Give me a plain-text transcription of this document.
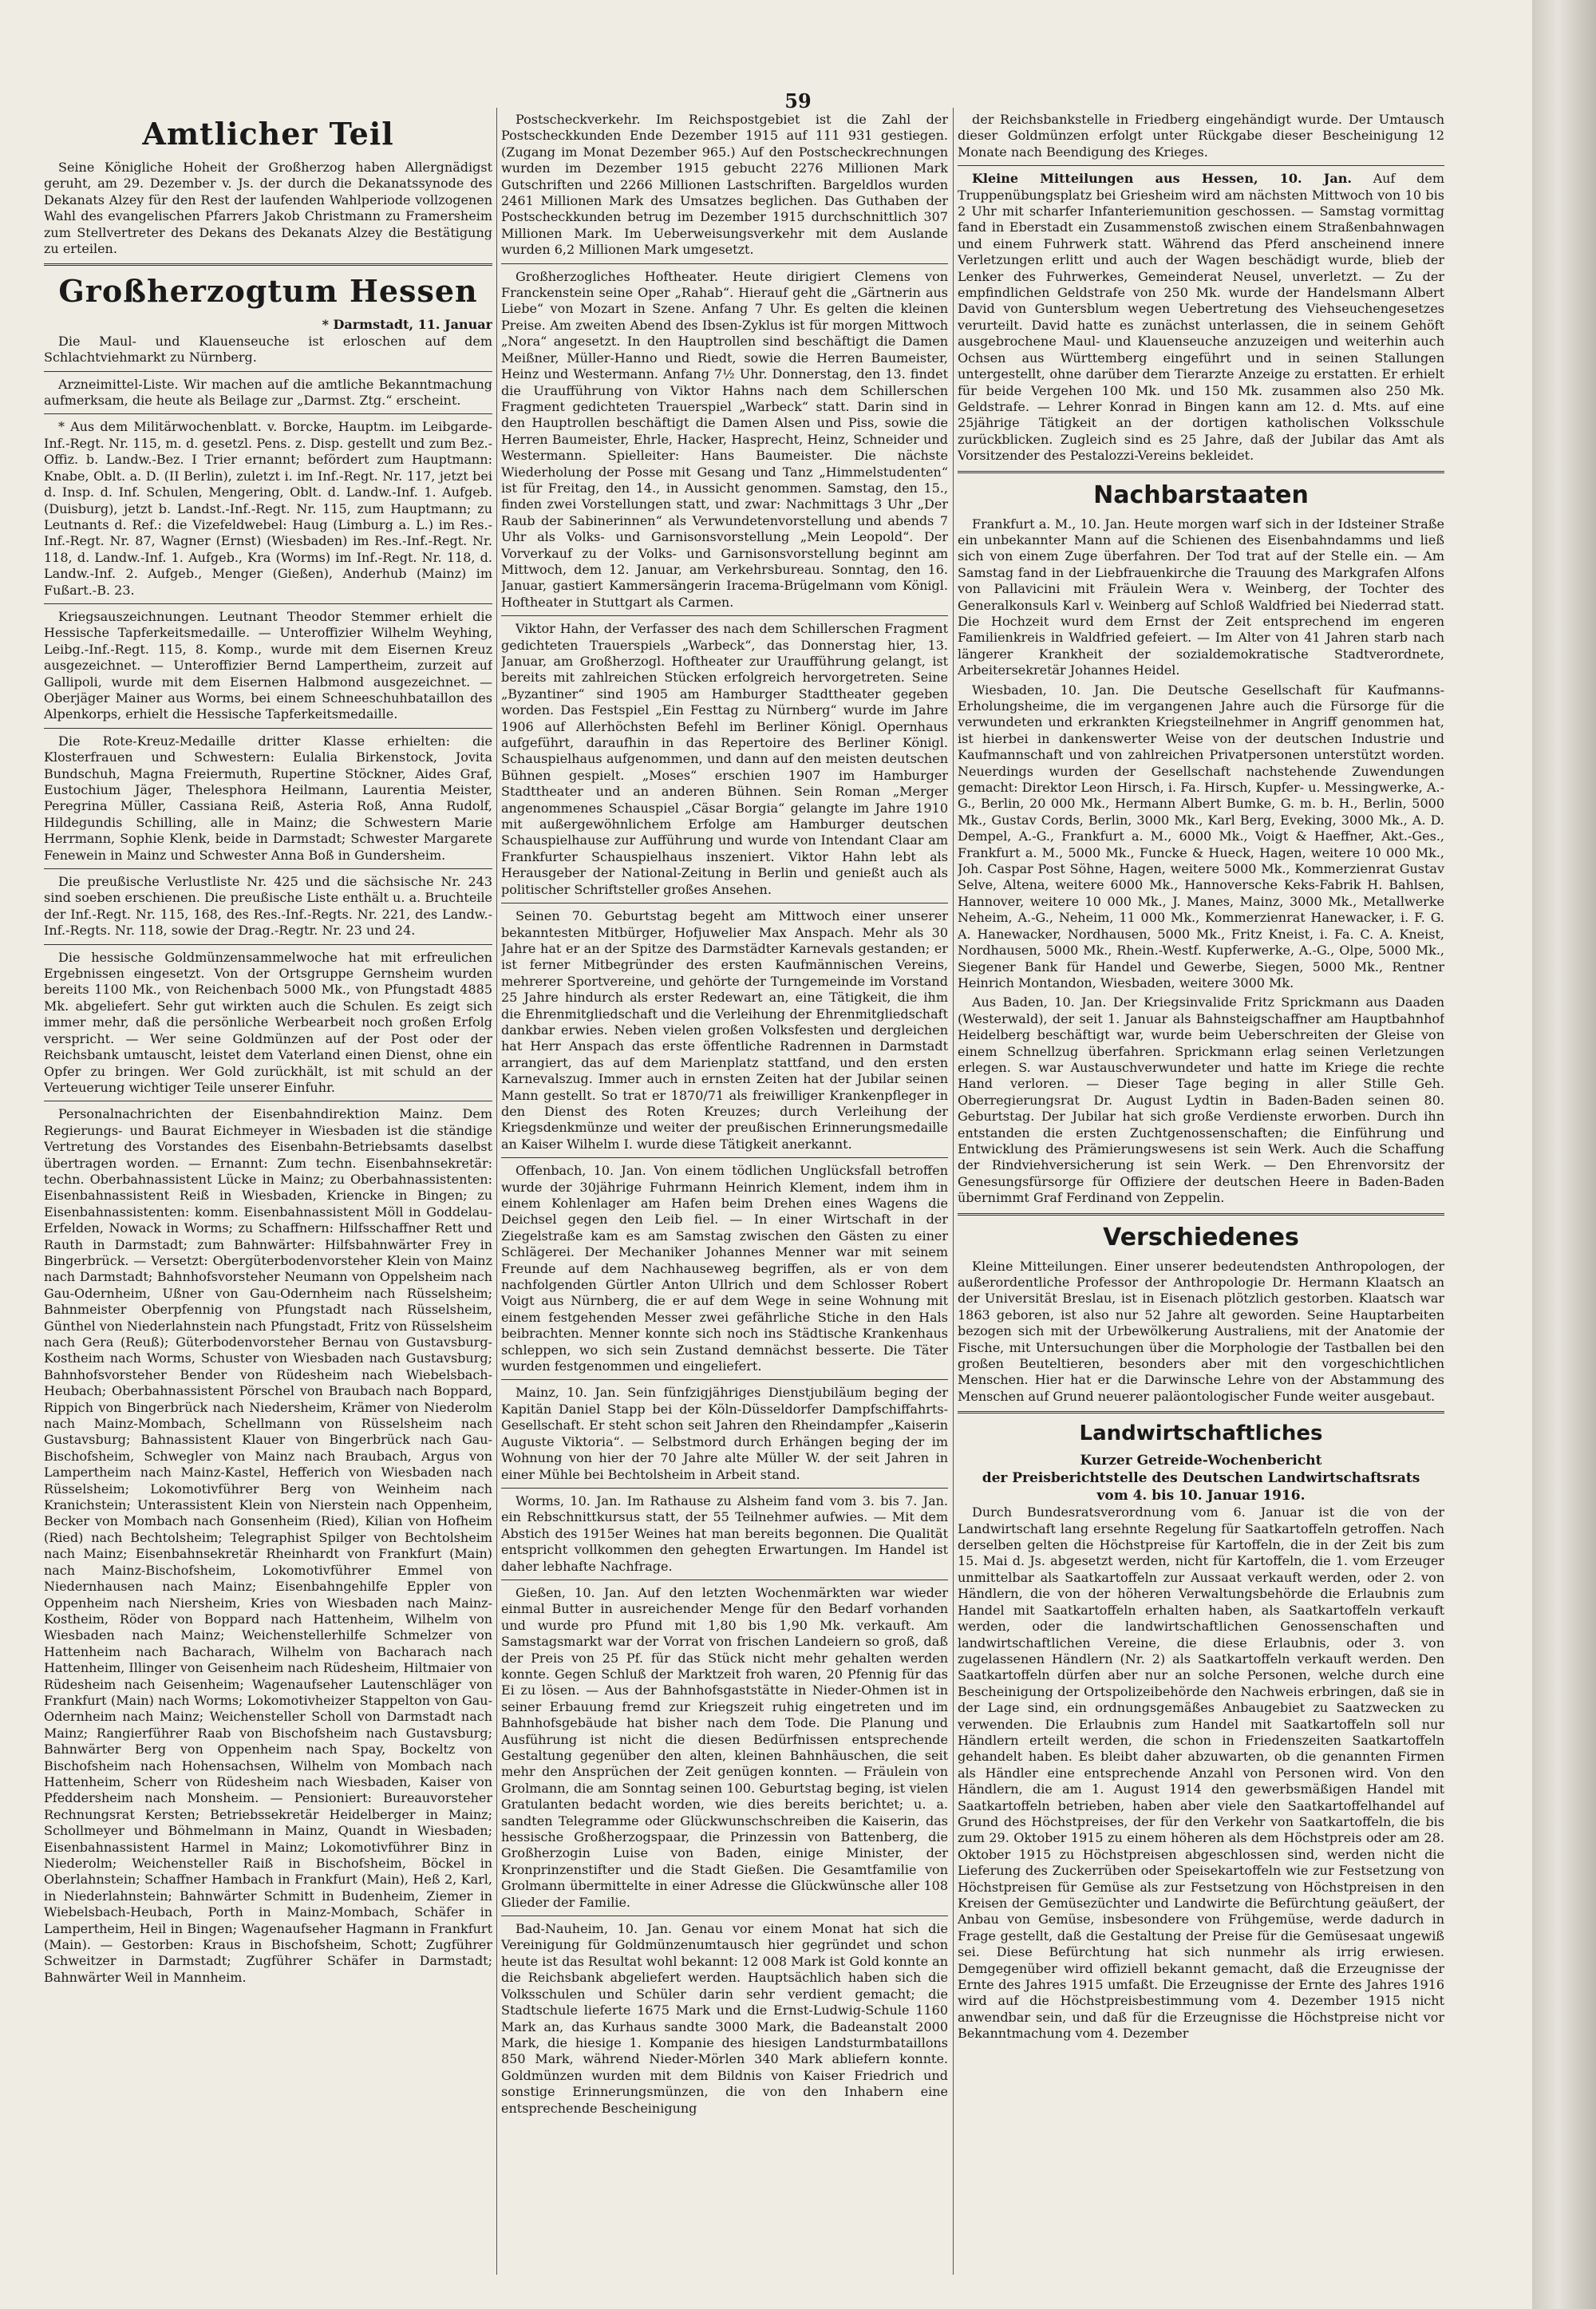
59
Amtlicher Teil

Seine Königliche Hoheit der Großherzog haben Allergnädigst geruht, am 29. Dezember v. Js. der durch die Dekanatssynode des Dekanats Alzey für den Rest der laufenden Wahlperiode vollzogenen Wahl des evangelischen Pfarrers Jakob Christmann zu Framersheim zum Stellvertreter des Dekans des Dekanats Alzey die Bestätigung zu erteilen.

Großherzogtum Hessen

* Darmstadt, 11. Januar

Die Maul- und Klauenseuche ist erloschen auf dem Schlachtviehmarkt zu Nürnberg.

Arzneimittel-Liste. Wir machen auf die amtliche Bekanntmachung aufmerksam, die heute als Beilage zur „Darmst. Ztg.“ erscheint.

* Aus dem Militärwochenblatt. v. Borcke, Hauptm. im Leibgarde-Inf.-Regt. Nr. 115, m. d. gesetzl. Pens. z. Disp. gestellt und zum Bez.-Offiz. b. Landw.-Bez. I Trier ernannt; befördert zum Hauptmann: Knabe, Oblt. a. D. (II Berlin), zuletzt i. im Inf.-Regt. Nr. 117, jetzt bei d. Insp. d. Inf. Schulen, Mengering, Oblt. d. Landw.-Inf. 1. Aufgeb. (Duisburg), jetzt b. Landst.-Inf.-Regt. Nr. 115, zum Hauptmann; zu Leutnants d. Ref.: die Vizefeldwebel: Haug (Limburg a. L.) im Res.-Inf.-Regt. Nr. 87, Wagner (Ernst) (Wiesbaden) im Res.-Inf.-Regt. Nr. 118, d. Landw.-Inf. 1. Aufgeb., Kra (Worms) im Inf.-Regt. Nr. 118, d. Landw.-Inf. 2. Aufgeb., Menger (Gießen), Anderhub (Mainz) im Fußart.-B. 23.

Kriegsauszeichnungen. Leutnant Theodor Stemmer erhielt die Hessische Tapferkeitsmedaille. — Unteroffizier Wilhelm Weyhing, Leibg.-Inf.-Regt. 115, 8. Komp., wurde mit dem Eisernen Kreuz ausgezeichnet. — Unteroffizier Bernd Lampertheim, zurzeit auf Gallipoli, wurde mit dem Eisernen Halbmond ausgezeichnet. — Oberjäger Mainer aus Worms, bei einem Schneeschuhbataillon des Alpenkorps, erhielt die Hessische Tapferkeitsmedaille.

Die Rote-Kreuz-Medaille dritter Klasse erhielten: die Klosterfrauen und Schwestern: Eulalia Birkenstock, Jovita Bundschuh, Magna Freiermuth, Rupertine Stöckner, Aides Graf, Eustochium Jäger, Thelesphora Heilmann, Laurentia Meister, Peregrina Müller, Cassiana Reiß, Asteria Roß, Anna Rudolf, Hildegundis Schilling, alle in Mainz; die Schwestern Marie Herrmann, Sophie Klenk, beide in Darmstadt; Schwester Margarete Fenewein in Mainz und Schwester Anna Boß in Gundersheim.

Die preußische Verlustliste Nr. 425 und die sächsische Nr. 243 sind soeben erschienen. Die preußische Liste enthält u. a. Bruchteile der Inf.-Regt. Nr. 115, 168, des Res.-Inf.-Regts. Nr. 221, des Landw.-Inf.-Regts. Nr. 118, sowie der Drag.-Regtr. Nr. 23 und 24.

Die hessische Goldmünzensammelwoche hat mit erfreulichen Ergebnissen eingesetzt. Von der Ortsgruppe Gernsheim wurden bereits 1100 Mk., von Reichenbach 5000 Mk., von Pfungstadt 4885 Mk. abgeliefert. Sehr gut wirkten auch die Schulen. Es zeigt sich immer mehr, daß die persönliche Werbearbeit noch großen Erfolg verspricht. — Wer seine Goldmünzen auf der Post oder der Reichsbank umtauscht, leistet dem Vaterland einen Dienst, ohne ein Opfer zu bringen. Wer Gold zurückhält, ist mit schuld an der Verteuerung wichtiger Teile unserer Einfuhr.

Personalnachrichten der Eisenbahndirektion Mainz. Dem Regierungs- und Baurat Eichmeyer in Wiesbaden ist die ständige Vertretung des Vorstandes des Eisenbahn-Betriebsamts daselbst übertragen worden. — Ernannt: Zum techn. Eisenbahnsekretär: techn. Oberbahnassistent Lücke in Mainz; zu Oberbahnassistenten: Eisenbahnassistent Reiß in Wiesbaden, Kriencke in Bingen; zu Eisenbahnassistenten: komm. Eisenbahnassistent Möll in Goddelau-Erfelden, Nowack in Worms; zu Schaffnern: Hilfsschaffner Rett und Rauth in Darmstadt; zum Bahnwärter: Hilfsbahnwärter Frey in Bingerbrück. — Versetzt: Obergüterbodenvorsteher Klein von Mainz nach Darmstadt; Bahnhofsvorsteher Neumann von Oppelsheim nach Gau-Odernheim, Ußner von Gau-Odernheim nach Rüsselsheim; Bahnmeister Oberpfennig von Pfungstadt nach Rüsselsheim, Günthel von Niederlahnstein nach Pfungstadt, Fritz von Rüsselsheim nach Gera (Reuß); Güterbodenvorsteher Bernau von Gustavsburg-Kostheim nach Worms, Schuster von Wiesbaden nach Gustavsburg; Bahnhofsvorsteher Bender von Rüdesheim nach Wiebelsbach-Heubach; Oberbahnassistent Pörschel von Braubach nach Boppard, Rippich von Bingerbrück nach Niedersheim, Krämer von Niederolm nach Mainz-Mombach, Schellmann von Rüsselsheim nach Gustavsburg; Bahnassistent Klauer von Bingerbrück nach Gau-Bischofsheim, Schwegler von Mainz nach Braubach, Argus von Lampertheim nach Mainz-Kastel, Hefferich von Wiesbaden nach Rüsselsheim; Lokomotivführer Berg von Weinheim nach Kranichstein; Unterassistent Klein von Nierstein nach Oppenheim, Becker von Mombach nach Gonsenheim (Ried), Kilian von Hofheim (Ried) nach Bechtolsheim; Telegraphist Spilger von Bechtolsheim nach Mainz; Eisenbahnsekretär Rheinhardt von Frankfurt (Main) nach Mainz-Bischofsheim, Lokomotivführer Emmel von Niedernhausen nach Mainz; Eisenbahngehilfe Eppler von Oppenheim nach Niersheim, Kries von Wiesbaden nach Mainz-Kostheim, Röder von Boppard nach Hattenheim, Wilhelm von Wiesbaden nach Mainz; Weichenstellerhilfe Schmelzer von Hattenheim nach Bacharach, Wilhelm von Bacharach nach Hattenheim, Illinger von Geisenheim nach Rüdesheim, Hiltmaier von Rüdesheim nach Geisenheim; Wagenaufseher Lautenschläger von Frankfurt (Main) nach Worms; Lokomotivheizer Stappelton von Gau-Odernheim nach Mainz; Weichensteller Scholl von Darmstadt nach Mainz; Rangierführer Raab von Bischofsheim nach Gustavsburg; Bahnwärter Berg von Oppenheim nach Spay, Bockeltz von Bischofsheim nach Hohensachsen, Wilhelm von Mombach nach Hattenheim, Scherr von Rüdesheim nach Wiesbaden, Kaiser von Pfeddersheim nach Monsheim. — Pensioniert: Bureauvorsteher Rechnungsrat Kersten; Betriebssekretär Heidelberger in Mainz; Schollmeyer und Böhmelmann in Mainz, Quandt in Wiesbaden; Eisenbahnassistent Harmel in Mainz; Lokomotivführer Binz in Niederolm; Weichensteller Raiß in Bischofsheim, Böckel in Oberlahnstein; Schaffner Hambach in Frankfurt (Main), Heß 2, Karl, in Niederlahnstein; Bahnwärter Schmitt in Budenheim, Ziemer in Wiebelsbach-Heubach, Porth in Mainz-Mombach, Schäfer in Lampertheim, Heil in Bingen; Wagenaufseher Hagmann in Frankfurt (Main). — Gestorben: Kraus in Bischofsheim, Schott; Zugführer Schweitzer in Darmstadt; Zugführer Schäfer in Darmstadt; Bahnwärter Weil in Mannheim.

Postscheckverkehr. Im Reichspostgebiet ist die Zahl der Postscheckkunden Ende Dezember 1915 auf 111 931 gestiegen. (Zugang im Monat Dezember 965.) Auf den Postscheckrechnungen wurden im Dezember 1915 gebucht 2276 Millionen Mark Gutschriften und 2266 Millionen Lastschriften. Bargeldlos wurden 2461 Millionen Mark des Umsatzes beglichen. Das Guthaben der Postscheckkunden betrug im Dezember 1915 durchschnittlich 307 Millionen Mark. Im Ueberweisungsverkehr mit dem Auslande wurden 6,2 Millionen Mark umgesetzt.

Großherzogliches Hoftheater. Heute dirigiert Clemens von Franckenstein seine Oper „Rahab“. Hierauf geht die „Gärtnerin aus Liebe“ von Mozart in Szene. Anfang 7 Uhr. Es gelten die kleinen Preise. Am zweiten Abend des Ibsen-Zyklus ist für morgen Mittwoch „Nora“ angesetzt. In den Hauptrollen sind beschäftigt die Damen Meißner, Müller-Hanno und Riedt, sowie die Herren Baumeister, Heinz und Westermann. Anfang 7½ Uhr. Donnerstag, den 13. findet die Uraufführung von Viktor Hahns nach dem Schillerschen Fragment gedichteten Trauerspiel „Warbeck“ statt. Darin sind in den Hauptrollen beschäftigt die Damen Alsen und Piss, sowie die Herren Baumeister, Ehrle, Hacker, Hasprecht, Heinz, Schneider und Westermann. Spielleiter: Hans Baumeister. Die nächste Wiederholung der Posse mit Gesang und Tanz „Himmelstudenten“ ist für Freitag, den 14., in Aussicht genommen. Samstag, den 15., finden zwei Vorstellungen statt, und zwar: Nachmittags 3 Uhr „Der Raub der Sabinerinnen“ als Verwundetenvorstellung und abends 7 Uhr als Volks- und Garnisonsvorstellung „Mein Leopold“. Der Vorverkauf zu der Volks- und Garnisonsvorstellung beginnt am Mittwoch, dem 12. Januar, am Verkehrsbureau. Sonntag, den 16. Januar, gastiert Kammersängerin Iracema-Brügelmann vom Königl. Hoftheater in Stuttgart als Carmen.

Viktor Hahn, der Verfasser des nach dem Schillerschen Fragment gedichteten Trauerspiels „Warbeck“, das Donnerstag hier, 13. Januar, am Großherzogl. Hoftheater zur Uraufführung gelangt, ist bereits mit zahlreichen Stücken erfolgreich hervorgetreten. Seine „Byzantiner“ sind 1905 am Hamburger Stadttheater gegeben worden. Das Festspiel „Ein Festtag zu Nürnberg“ wurde im Jahre 1906 auf Allerhöchsten Befehl im Berliner Königl. Opernhaus aufgeführt, daraufhin in das Repertoire des Berliner Königl. Schauspielhaus aufgenommen, und dann auf den meisten deutschen Bühnen gespielt. „Moses“ erschien 1907 im Hamburger Stadttheater und an anderen Bühnen. Sein Roman „Merger angenommenes Schauspiel „Cäsar Borgia“ gelangte im Jahre 1910 mit außergewöhnlichem Erfolge am Hamburger deutschen Schauspielhause zur Aufführung und wurde von Intendant Claar am Frankfurter Schauspielhaus inszeniert. Viktor Hahn lebt als Herausgeber der National-Zeitung in Berlin und genießt auch als politischer Schriftsteller großes Ansehen.

Seinen 70. Geburtstag begeht am Mittwoch einer unserer bekanntesten Mitbürger, Hofjuwelier Max Anspach. Mehr als 30 Jahre hat er an der Spitze des Darmstädter Karnevals gestanden; er ist ferner Mitbegründer des ersten Kaufmännischen Vereins, mehrerer Sportvereine, und gehörte der Turngemeinde im Vorstand 25 Jahre hindurch als erster Redewart an, eine Tätigkeit, die ihm die Ehrenmitgliedschaft und die Verleihung der Ehrenmitgliedschaft dankbar erwies. Neben vielen großen Volksfesten und dergleichen hat Herr Anspach das erste öffentliche Radrennen in Darmstadt arrangiert, das auf dem Marienplatz stattfand, und den ersten Karnevalszug. Immer auch in ernsten Zeiten hat der Jubilar seinen Mann gestellt. So trat er 1870/71 als freiwilliger Krankenpfleger in den Dienst des Roten Kreuzes; durch Verleihung der Kriegsdenkmünze und weiter der preußischen Erinnerungsmedaille an Kaiser Wilhelm I. wurde diese Tätigkeit anerkannt.

Offenbach, 10. Jan. Von einem tödlichen Unglücksfall betroffen wurde der 30jährige Fuhrmann Heinrich Klement, indem ihm in einem Kohlenlager am Hafen beim Drehen eines Wagens die Deichsel gegen den Leib fiel. — In einer Wirtschaft in der Ziegelstraße kam es am Samstag zwischen den Gästen zu einer Schlägerei. Der Mechaniker Johannes Menner war mit seinem Freunde auf dem Nachhauseweg begriffen, als er von dem nachfolgenden Gürtler Anton Ullrich und dem Schlosser Robert Voigt aus Nürnberg, die er auf dem Wege in seine Wohnung mit einem festgehenden Messer zwei gefährliche Stiche in den Hals beibrachten. Menner konnte sich noch ins Städtische Krankenhaus schleppen, wo sich sein Zustand demnächst besserte. Die Täter wurden festgenommen und eingeliefert.

Mainz, 10. Jan. Sein fünfzigjähriges Dienstjubiläum beging der Kapitän Daniel Stapp bei der Köln-Düsseldorfer Dampfschiffahrts-Gesellschaft. Er steht schon seit Jahren den Rheindampfer „Kaiserin Auguste Viktoria“. — Selbstmord durch Erhängen beging der im Wohnung von hier der 70 Jahre alte Müller W. der seit Jahren in einer Mühle bei Bechtolsheim in Arbeit stand.

Worms, 10. Jan. Im Rathause zu Alsheim fand vom 3. bis 7. Jan. ein Rebschnittkursus statt, der 55 Teilnehmer aufwies. — Mit dem Abstich des 1915er Weines hat man bereits begonnen. Die Qualität entspricht vollkommen den gehegten Erwartungen. Im Handel ist daher lebhafte Nachfrage.

Gießen, 10. Jan. Auf den letzten Wochenmärkten war wieder einmal Butter in ausreichender Menge für den Bedarf vorhanden und wurde pro Pfund mit 1,80 bis 1,90 Mk. verkauft. Am Samstagsmarkt war der Vorrat von frischen Landeiern so groß, daß der Preis von 25 Pf. für das Stück nicht mehr gehalten werden konnte. Gegen Schluß der Marktzeit froh waren, 20 Pfennig für das Ei zu lösen. — Aus der Bahnhofsgaststätte in Nieder-Ohmen ist in seiner Erbauung fremd zur Kriegszeit ruhig eingetreten und im Bahnhofsgebäude hat bisher nach dem Tode. Die Planung und Ausführung ist nicht die diesen Bedürfnissen entsprechende Gestaltung gegenüber den alten, kleinen Bahnhäuschen, die seit mehr den Ansprüchen der Zeit genügen konnten. — Fräulein von Grolmann, die am Sonntag seinen 100. Geburtstag beging, ist vielen Gratulanten bedacht worden, wie dies bereits berichtet; u. a. sandten Telegramme oder Glückwunschschreiben die Kaiserin, das hessische Großherzogspaar, die Prinzessin von Battenberg, die Großherzogin Luise von Baden, einige Minister, der Kronprinzenstifter und die Stadt Gießen. Die Gesamtfamilie von Grolmann übermittelte in einer Adresse die Glückwünsche aller 108 Glieder der Familie.

Bad-Nauheim, 10. Jan. Genau vor einem Monat hat sich die Vereinigung für Goldmünzenumtausch hier gegründet und schon heute ist das Resultat wohl bekannt: 12 008 Mark ist Gold konnte an die Reichsbank abgeliefert werden. Hauptsächlich haben sich die Volksschulen und Schüler darin sehr verdient gemacht; die Stadtschule lieferte 1675 Mark und die Ernst-Ludwig-Schule 1160 Mark an, das Kurhaus sandte 3000 Mark, die Badeanstalt 2000 Mark, die hiesige 1. Kompanie des hiesigen Landsturmbataillons 850 Mark, während Nieder-Mörlen 340 Mark abliefern konnte. Goldmünzen wurden mit dem Bildnis von Kaiser Friedrich und sonstige Erinnerungsmünzen, die von den Inhabern eine entsprechende Bescheinigung

der Reichsbankstelle in Friedberg eingehändigt wurde. Der Umtausch dieser Goldmünzen erfolgt unter Rückgabe dieser Bescheinigung 12 Monate nach Beendigung des Krieges.

Kleine Mitteilungen aus Hessen, 10. Jan. Auf dem Truppenübungsplatz bei Griesheim wird am nächsten Mittwoch von 10 bis 2 Uhr mit scharfer Infanteriemunition geschossen. — Samstag vormittag fand in Eberstadt ein Zusammenstoß zwischen einem Straßenbahnwagen und einem Fuhrwerk statt. Während das Pferd anscheinend innere Verletzungen erlitt und auch der Wagen beschädigt wurde, blieb der Lenker des Fuhrwerkes, Gemeinderat Neusel, unverletzt. — Zu der empfindlichen Geldstrafe von 250 Mk. wurde der Handelsmann Albert David von Guntersblum wegen Uebertretung des Viehseuchengesetzes verurteilt. David hatte es zunächst unterlassen, die in seinem Gehöft ausgebrochene Maul- und Klauenseuche anzuzeigen und weiterhin auch Ochsen aus Württemberg eingeführt und in seinen Stallungen untergestellt, ohne darüber dem Tierarzte Anzeige zu erstatten. Er erhielt für beide Vergehen 100 Mk. und 150 Mk. zusammen also 250 Mk. Geldstrafe. — Lehrer Konrad in Bingen kann am 12. d. Mts. auf eine 25jährige Tätigkeit an der dortigen katholischen Volksschule zurückblicken. Zugleich sind es 25 Jahre, daß der Jubilar das Amt als Vorsitzender des Pestalozzi-Vereins bekleidet.

Nachbarstaaten

Frankfurt a. M., 10. Jan. Heute morgen warf sich in der Idsteiner Straße ein unbekannter Mann auf die Schienen des Eisenbahndamms und ließ sich von einem Zuge überfahren. Der Tod trat auf der Stelle ein. — Am Samstag fand in der Liebfrauenkirche die Trauung des Markgrafen Alfons von Pallavicini mit Fräulein Wera v. Weinberg, der Tochter des Generalkonsuls Karl v. Weinberg auf Schloß Waldfried bei Niederrad statt. Die Hochzeit wurd dem Ernst der Zeit entsprechend im engeren Familienkreis in Waldfried gefeiert. — Im Alter von 41 Jahren starb nach längerer Krankheit der sozialdemokratische Stadtverordnete, Arbeitersekretär Johannes Heidel.

Wiesbaden, 10. Jan. Die Deutsche Gesellschaft für Kaufmanns-Erholungsheime, die im vergangenen Jahre auch die Fürsorge für die verwundeten und erkrankten Kriegsteilnehmer in Angriff genommen hat, ist hierbei in dankenswerter Weise von der deutschen Industrie und Kaufmannschaft und von zahlreichen Privatpersonen unterstützt worden. Neuerdings wurden der Gesellschaft nachstehende Zuwendungen gemacht: Direktor Leon Hirsch, i. Fa. Hirsch, Kupfer- u. Messingwerke, A.-G., Berlin, 20 000 Mk., Hermann Albert Bumke, G. m. b. H., Berlin, 5000 Mk., Gustav Cords, Berlin, 3000 Mk., Karl Berg, Eveking, 3000 Mk., A. D. Dempel, A.-G., Frankfurt a. M., 6000 Mk., Voigt & Haeffner, Akt.-Ges., Frankfurt a. M., 5000 Mk., Funcke & Hueck, Hagen, weitere 10 000 Mk., Joh. Caspar Post Söhne, Hagen, weitere 5000 Mk., Kommerzienrat Gustav Selve, Altena, weitere 6000 Mk., Hannoversche Keks-Fabrik H. Bahlsen, Hannover, weitere 10 000 Mk., J. Manes, Mainz, 3000 Mk., Metallwerke Neheim, A.-G., Neheim, 11 000 Mk., Kommerzienrat Hanewacker, i. F. G. A. Hanewacker, Nordhausen, 5000 Mk., Fritz Kneist, i. Fa. C. A. Kneist, Nordhausen, 5000 Mk., Rhein.-Westf. Kupferwerke, A.-G., Olpe, 5000 Mk., Siegener Bank für Handel und Gewerbe, Siegen, 5000 Mk., Rentner Heinrich Montandon, Wiesbaden, weitere 3000 Mk.

Aus Baden, 10. Jan. Der Kriegsinvalide Fritz Sprickmann aus Daaden (Westerwald), der seit 1. Januar als Bahnsteigschaffner am Hauptbahnhof Heidelberg beschäftigt war, wurde beim Ueberschreiten der Gleise von einem Schnellzug überfahren. Sprickmann erlag seinen Verletzungen erlegen. S. war Austauschverwundeter und hatte im Kriege die rechte Hand verloren. — Dieser Tage beging in aller Stille Geh. Oberregierungsrat Dr. August Lydtin in Baden-Baden seinen 80. Geburtstag. Der Jubilar hat sich große Verdienste erworben. Durch ihn entstanden die ersten Zuchtgenossenschaften; die Einführung und Entwicklung des Prämierungswesens ist sein Werk. Auch die Schaffung der Rindviehversicherung ist sein Werk. — Den Ehrenvorsitz der Genesungsfürsorge für Offiziere der deutschen Heere in Baden-Baden übernimmt Graf Ferdinand von Zeppelin.

Verschiedenes

Kleine Mitteilungen. Einer unserer bedeutendsten Anthropologen, der außerordentliche Professor der Anthropologie Dr. Hermann Klaatsch an der Universität Breslau, ist in Eisenach plötzlich gestorben. Klaatsch war 1863 geboren, ist also nur 52 Jahre alt geworden. Seine Hauptarbeiten bezogen sich mit der Urbewölkerung Australiens, mit der Anatomie der Fische, mit Untersuchungen über die Morphologie der Tastballen bei den großen Beuteltieren, besonders aber mit den vorgeschichtlichen Menschen. Hier hat er die Darwinsche Lehre von der Abstammung des Menschen auf Grund neuerer paläontologischer Funde weiter ausgebaut.

Landwirtschaftliches
Kurzer Getreide-Wochenbericht
der Preisberichtstelle des Deutschen Landwirtschaftsrats
vom 4. bis 10. Januar 1916.

Durch Bundesratsverordnung vom 6. Januar ist die von der Landwirtschaft lang ersehnte Regelung für Saatkartoffeln getroffen. Nach derselben gelten die Höchstpreise für Kartoffeln, die in der Zeit bis zum 15. Mai d. Js. abgesetzt werden, nicht für Kartoffeln, die 1. vom Erzeuger unmittelbar als Saatkartoffeln zur Aussaat verkauft werden, oder 2. von Händlern, die von der höheren Verwaltungsbehörde die Erlaubnis zum Handel mit Saatkartoffeln erhalten haben, als Saatkartoffeln verkauft werden, oder die landwirtschaftlichen Genossenschaften und landwirtschaftlichen Vereine, die diese Erlaubnis, oder 3. von zugelassenen Händlern (Nr. 2) als Saatkartoffeln verkauft werden. Den Saatkartoffeln dürfen aber nur an solche Personen, welche durch eine Bescheinigung der Ortspolizeibehörde den Nachweis erbringen, daß sie in der Lage sind, ein ordnungsgemäßes Anbaugebiet zu Saatzwecken zu verwenden. Die Erlaubnis zum Handel mit Saatkartoffeln soll nur Händlern erteilt werden, die schon in Friedenszeiten Saatkartoffeln gehandelt haben. Es bleibt daher abzuwarten, ob die genannten Firmen als Händler eine entsprechende Anzahl von Personen wird. Von den Händlern, die am 1. August 1914 den gewerbsmäßigen Handel mit Saatkartoffeln betrieben, haben aber viele den Saatkartoffelhandel auf Grund des Höchstpreises, der für den Verkehr von Saatkartoffeln, die bis zum 29. Oktober 1915 zu einem höheren als dem Höchstpreis oder am 28. Oktober 1915 zu Höchstpreisen abgeschlossen sind, werden nicht die Lieferung des Zuckerrüben oder Speisekartoffeln wie zur Festsetzung von Höchstpreisen für Gemüse als zur Festsetzung von Höchstpreisen in den Kreisen der Gemüsezüchter und Landwirte die Befürchtung geäußert, der Anbau von Gemüse, insbesondere von Frühgemüse, werde dadurch in Frage gestellt, daß die Gestaltung der Preise für die Gemüsesaat ungewiß sei. Diese Befürchtung hat sich nunmehr als irrig erwiesen. Demgegenüber wird offiziell bekannt gemacht, daß die Erzeugnisse der Ernte des Jahres 1915 umfaßt. Die Erzeugnisse der Ernte des Jahres 1916 wird auf die Höchstpreisbestimmung vom 4. Dezember 1915 nicht anwendbar sein, und daß für die Erzeugnisse die Höchstpreise nicht vor Bekanntmachung vom 4. Dezember
